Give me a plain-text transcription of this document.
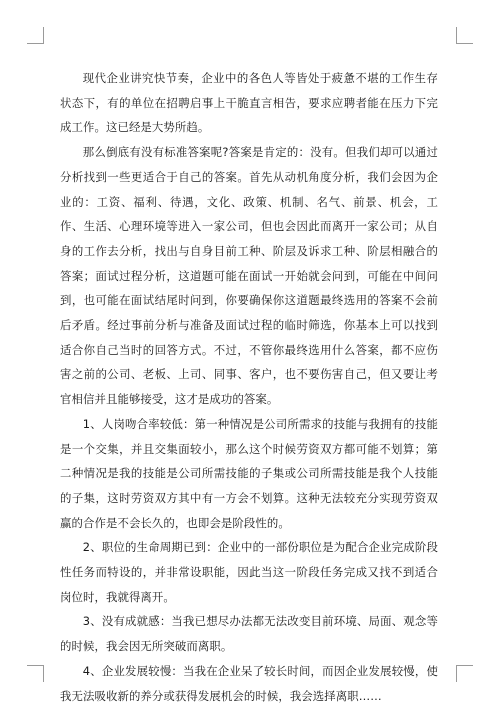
现代企业讲究快节奏，企业中的各色人等皆处于疲惫不堪的工作生存状态下，有的单位在招聘启事上干脆直言相告，要求应聘者能在压力下完成工作。这已经是大势所趋。

那么倒底有没有标准答案呢?答案是肯定的：没有。但我们却可以通过分析找到一些更适合于自己的答案。首先从动机角度分析，我们会因为企业的：工资、福利、待遇，文化、政策、机制、名气、前景、机会，工作、生活、心理环境等进入一家公司，但也会因此而离开一家公司；从自身的工作去分析，找出与自身目前工种、阶层及诉求工种、阶层相融合的答案；面试过程分析，这道题可能在面试一开始就会问到，可能在中间问到，也可能在面试结尾时问到，你要确保你这道题最终选用的答案不会前后矛盾。经过事前分析与准备及面试过程的临时筛选，你基本上可以找到适合你自己当时的回答方式。不过，不管你最终选用什么答案，都不应伤害之前的公司、老板、上司、同事、客户，也不要伤害自己，但又要让考官相信并且能够接受，这才是成功的答案。

1、人岗吻合率较低：第一种情况是公司所需求的技能与我拥有的技能是一个交集，并且交集面较小，那么这个时候劳资双方都可能不划算；第二种情况是我的技能是公司所需技能的子集或公司所需技能是我个人技能的子集，这时劳资双方其中有一方会不划算。这种无法较充分实现劳资双赢的合作是不会长久的，也即会是阶段性的。

2、职位的生命周期已到：企业中的一部份职位是为配合企业完成阶段性任务而特设的，并非常设职能，因此当这一阶段任务完成又找不到适合岗位时，我就得离开。

3、没有成就感：当我已想尽办法都无法改变目前环境、局面、观念等的时候，我会因无所突破而离职。

4、企业发展较慢：当我在企业呆了较长时间，而因企业发展较慢，使我无法吸收新的养分或获得发展机会的时候，我会选择离职……
